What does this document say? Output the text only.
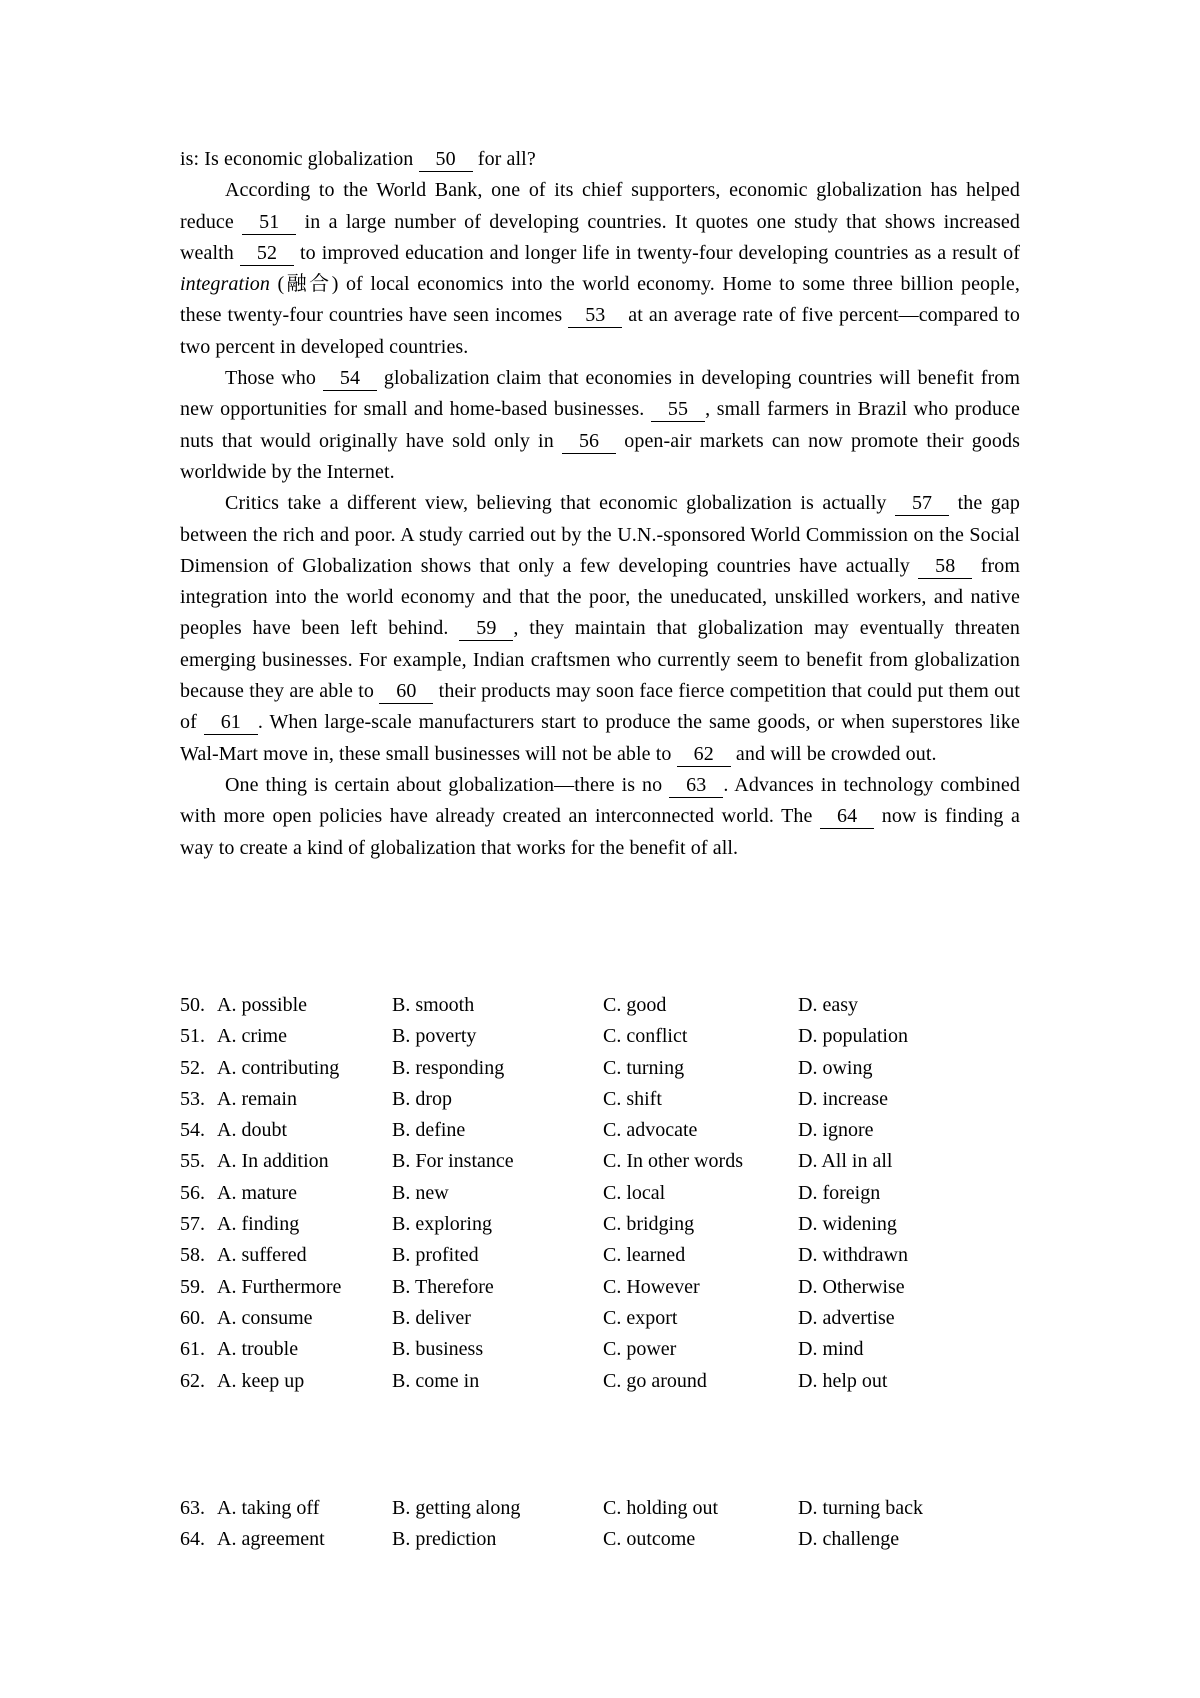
is: Is economic globalization 50 for all?

According to the World Bank, one of its chief supporters, economic globalization has helped reduce 51 in a large number of developing countries. It quotes one study that shows increased wealth 52 to improved education and longer life in twenty-four developing countries as a result of integration (融合) of local economics into the world economy. Home to some three billion people, these twenty-four countries have seen incomes 53 at an average rate of five percent—compared to two percent in developed countries.

Those who 54 globalization claim that economies in developing countries will benefit from new opportunities for small and home-based businesses. 55 , small farmers in Brazil who produce nuts that would originally have sold only in 56 open-air markets can now promote their goods worldwide by the Internet.

Critics take a different view, believing that economic globalization is actually 57 the gap between the rich and poor. A study carried out by the U.N.-sponsored World Commission on the Social Dimension of Globalization shows that only a few developing countries have actually 58 from integration into the world economy and that the poor, the uneducated, unskilled workers, and native peoples have been left behind. 59 , they maintain that globalization may eventually threaten emerging businesses. For example, Indian craftsmen who currently seem to benefit from globalization because they are able to 60 their products may soon face fierce competition that could put them out of 61 . When large-scale manufacturers start to produce the same goods, or when superstores like Wal-Mart move in, these small businesses will not be able to 62 and will be crowded out.

One thing is certain about globalization—there is no 63 . Advances in technology combined with more open policies have already created an interconnected world. The 64 now is finding a way to create a kind of globalization that works for the benefit of all.

50. A. possible	B. smooth	C. good	D. easy
51. A. crime	B. poverty	C. conflict	D. population
52. A. contributing	B. responding	C. turning	D. owing
53. A. remain	B. drop	C. shift	D. increase
54. A. doubt	B. define	C. advocate	D. ignore
55. A. In addition	B. For instance	C. In other words	D. All in all
56. A. mature	B. new	C. local	D. foreign
57. A. finding	B. exploring	C. bridging	D. widening
58. A. suffered	B. profited	C. learned	D. withdrawn
59. A. Furthermore	B. Therefore	C. However	D. Otherwise
60. A. consume	B. deliver	C. export	D. advertise
61. A. trouble	B. business	C. power	D. mind
62. A. keep up	B. come in	C. go around	D. help out
63. A. taking off	B. getting along	C. holding out	D. turning back
64. A. agreement	B. prediction	C. outcome	D. challenge
